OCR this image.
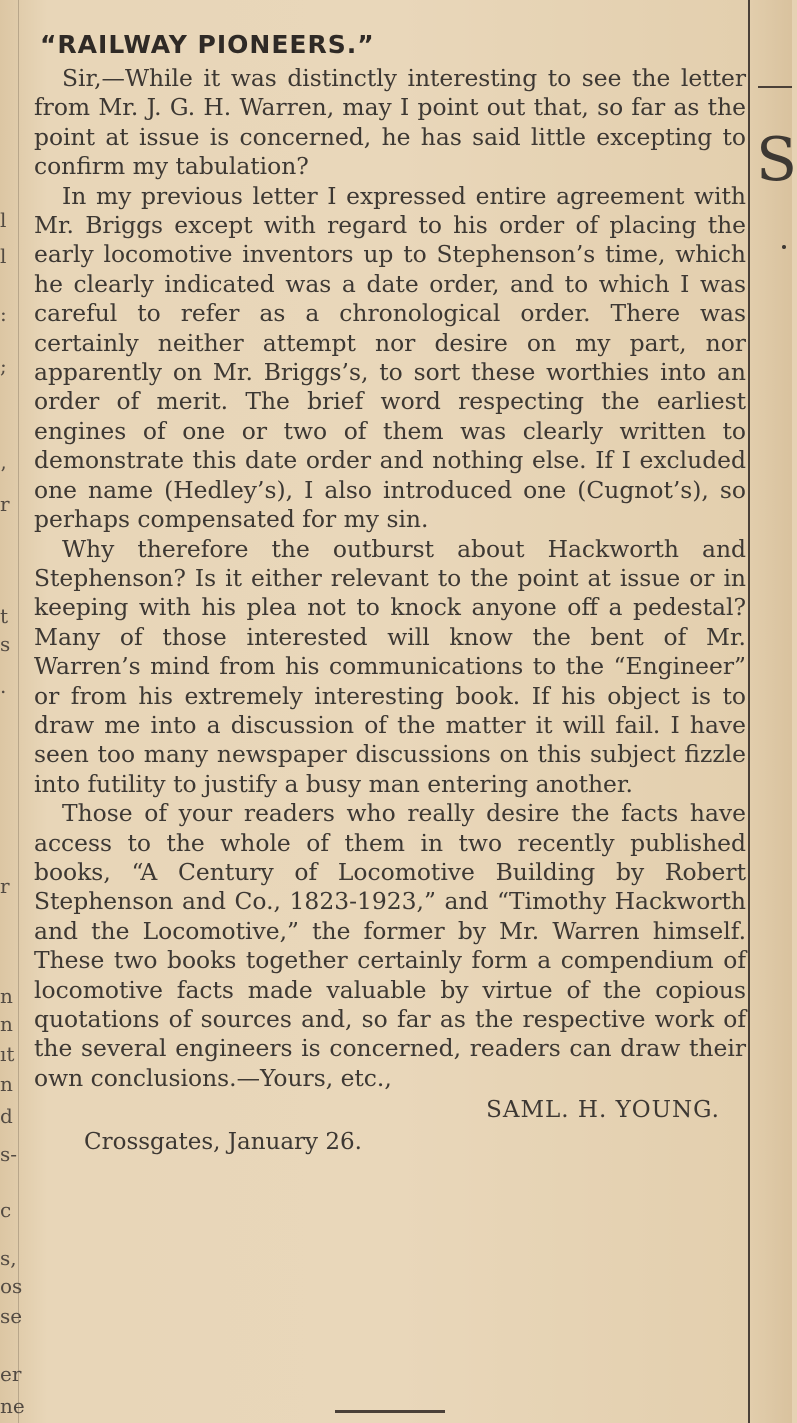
l
l
:
;
’
r
t
s
.
r
n
n
ıt
n
d
s-
c
s,
os
se
er
ne
S
“RAILWAY PIONEERS.”

Sir,—While it was distinctly interesting to see the letter from Mr. J. G. H. Warren, may I point out that, so far as the point at issue is concerned, he has said little excepting to confirm my tabulation?

In my previous letter I expressed entire agreement with Mr. Briggs except with regard to his order of placing the early locomotive inventors up to Stephenson’s time, which he clearly indicated was a date order, and to which I was careful to refer as a chronological order. There was certainly neither attempt nor desire on my part, nor apparently on Mr. Briggs’s, to sort these worthies into an order of merit. The brief word respecting the earliest engines of one or two of them was clearly written to demonstrate this date order and nothing else. If I excluded one name (Hedley’s), I also introduced one (Cugnot’s), so perhaps compensated for my sin.

Why therefore the outburst about Hackworth and Stephenson? Is it either relevant to the point at issue or in keeping with his plea not to knock anyone off a pedestal? Many of those interested will know the bent of Mr. Warren’s mind from his communications to the “Engineer” or from his extremely interesting book. If his object is to draw me into a discussion of the matter it will fail. I have seen too many newspaper discussions on this subject fizzle into futility to justify a busy man entering another.

Those of your readers who really desire the facts have access to the whole of them in two recently published books, “A Century of Locomotive Building by Robert Stephenson and Co., 1823-1923,” and “Timothy Hackworth and the Locomotive,” the former by Mr. Warren himself. These two books together certainly form a compendium of locomotive facts made valuable by virtue of the copious quotations of sources and, so far as the respective work of the several engineers is concerned, readers can draw their own conclusions.—Yours, etc.,

SAML. H. YOUNG.
Crossgates, January 26.
